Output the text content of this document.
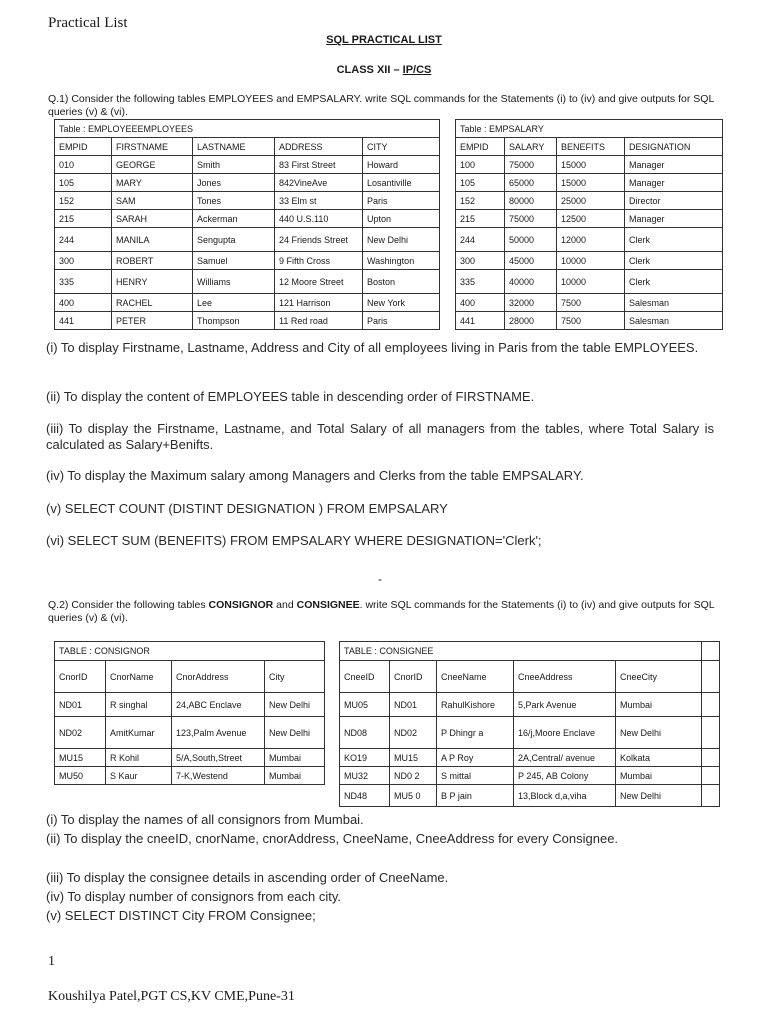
Practical List
SQL PRACTICAL LIST
CLASS XII – IP/CS
Q.1) Consider the following tables EMPLOYEES and EMPSALARY. write SQL commands for the Statements (i) to (iv) and give outputs for SQL queries (v) & (vi).
Table : EMPLOYEEEMPLOYEES				
EMPID	FIRSTNAME	LASTNAME	ADDRESS	CITY
010	GEORGE	Smith	83 First Street	Howard
105	MARY	Jones	842VineAve	Losantiville
152	SAM	Tones	33 Elm st	Paris
215	SARAH	Ackerman	440 U.S.110	Upton
244	MANILA	Sengupta	24 Friends Street	New Delhi
300	ROBERT	Samuel	9 Fifth Cross	Washington
335	HENRY	Williams	12 Moore Street	Boston
400	RACHEL	Lee	121 Harrison	New York
441	PETER	Thompson	11 Red road	Paris
Table : EMPSALARY			
EMPID	SALARY	BENEFITS	DESIGNATION
100	75000	15000	Manager
105	65000	15000	Manager
152	80000	25000	Director
215	75000	12500	Manager
244	50000	12000	Clerk
300	45000	10000	Clerk
335	40000	10000	Clerk
400	32000	7500	Salesman
441	28000	7500	Salesman
(i) To display Firstname, Lastname, Address and City of all employees living in Paris from the table EMPLOYEES.
(ii) To display the content of EMPLOYEES table in descending order of FIRSTNAME.
(iii) To display the Firstname, Lastname, and Total Salary of all managers from the tables, where Total Salary is calculated as Salary+Benifts.
(iv) To display the Maximum salary among Managers and Clerks from the table EMPSALARY.
(v) SELECT COUNT (DISTINT DESIGNATION ) FROM EMPSALARY
(vi) SELECT SUM (BENEFITS) FROM EMPSALARY WHERE DESIGNATION='Clerk';
-
Q.2) Consider the following tables CONSIGNOR and CONSIGNEE. write SQL commands for the Statements (i) to (iv) and give outputs for SQL queries (v) & (vi).
TABLE : CONSIGNOR			
CnorID	CnorName	CnorAddress	City
ND01	R singhal	24,ABC Enclave	New Delhi
ND02	AmitKumar	123,Palm Avenue	New Delhi
MU15	R Kohil	5/A,South,Street	Mumbai
MU50	S Kaur	7-K,Westend	Mumbai
TABLE : CONSIGNEE					
CneeID	CnorID	CneeName	CneeAddress	CneeCity	
MU05	ND01	RahulKishore	5,Park Avenue	Mumbai	
ND08	ND02	P Dhingr a	16/j,Moore Enclave	New Delhi	
KO19	MU15	A P Roy	2A,Central/ avenue	Kolkata	
MU32	ND0 2	S mittal	P 245, AB Colony	Mumbai	
ND48	MU5 0	B P jain	13,Block d,a,viha	New Delhi	
(i) To display the names of all consignors from Mumbai.
(ii) To display the cneeID, cnorName, cnorAddress, CneeName, CneeAddress for every Consignee.
(iii) To display the consignee details in ascending order of CneeName.
(iv) To display number of consignors from each city.
(v) SELECT DISTINCT City FROM Consignee;
1
Koushilya Patel,PGT CS,KV CME,Pune-31
